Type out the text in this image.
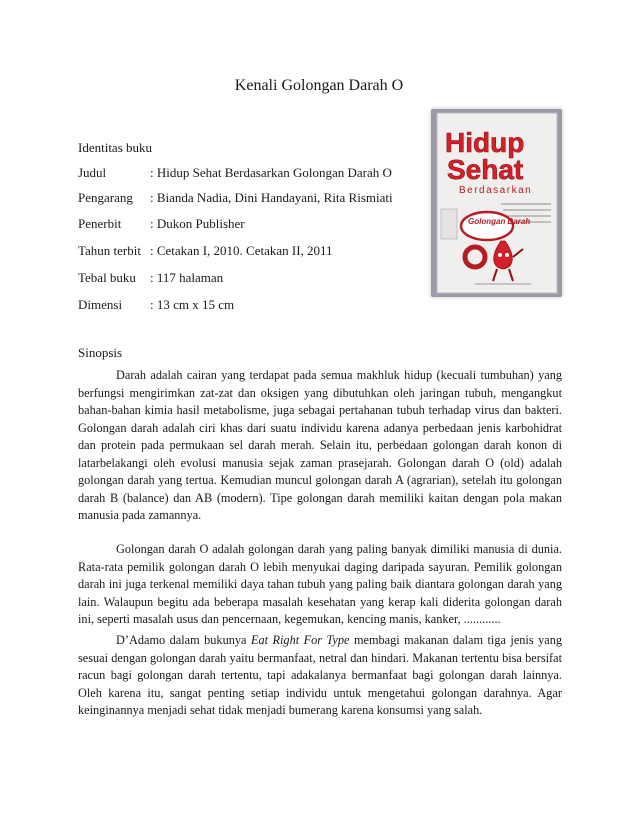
Kenali Golongan Darah O
Identitas buku
Judul	: Hidup Sehat Berdasarkan Golongan Darah O
Pengarang : Bianda Nadia, Dini Handayani, Rita Rismiati
Penerbit : Dukon Publisher
Tahun terbit : Cetakan I, 2010. Cetakan II, 2011
Tebal buku : 117 halaman
Dimensi : 13 cm x 15 cm
Hidup
Sehat
Berdasarkan
Golongan Darah
Sinopsis

Darah adalah cairan yang terdapat pada semua makhluk hidup (kecuali tumbuhan) yang berfungsi mengirimkan zat-zat dan oksigen yang dibutuhkan oleh jaringan tubuh, mengangkut bahan-bahan kimia hasil metabolisme, juga sebagai pertahanan tubuh terhadap virus dan bakteri. Golongan darah adalah ciri khas dari suatu individu karena adanya perbedaan jenis karbohidrat dan protein pada permukaan sel darah merah. Selain itu, perbedaan golongan darah konon di latarbelakangi oleh evolusi manusia sejak zaman prasejarah. Golongan darah O (old) adalah golongan darah yang tertua. Kemudian muncul golongan darah A (agrarian), setelah itu golongan darah B (balance) dan AB (modern). Tipe golongan darah memiliki kaitan dengan pola makan manusia pada zamannya.

Golongan darah O adalah golongan darah yang paling banyak dimiliki manusia di dunia. Rata-rata pemilik golongan darah O lebih menyukai daging daripada sayuran. Pemilik golongan darah ini juga terkenal memiliki daya tahan tubuh yang paling baik diantara golongan darah yang lain. Walaupun begitu ada beberapa masalah kesehatan yang kerap kali diderita golongan darah ini, seperti masalah usus dan pencernaan, kegemukan, kencing manis, kanker, ............

D’Adamo dalam bukunya Eat Right For Type membagi makanan dalam tiga jenis yang sesuai dengan golongan darah yaitu bermanfaat, netral dan hindari. Makanan tertentu bisa bersifat racun bagi golongan darah tertentu, tapi adakalanya bermanfaat bagi golongan darah lainnya. Oleh karena itu, sangat penting setiap individu untuk mengetahui golongan darahnya. Agar keinginannya menjadi sehat tidak menjadi bumerang karena konsumsi yang salah.
